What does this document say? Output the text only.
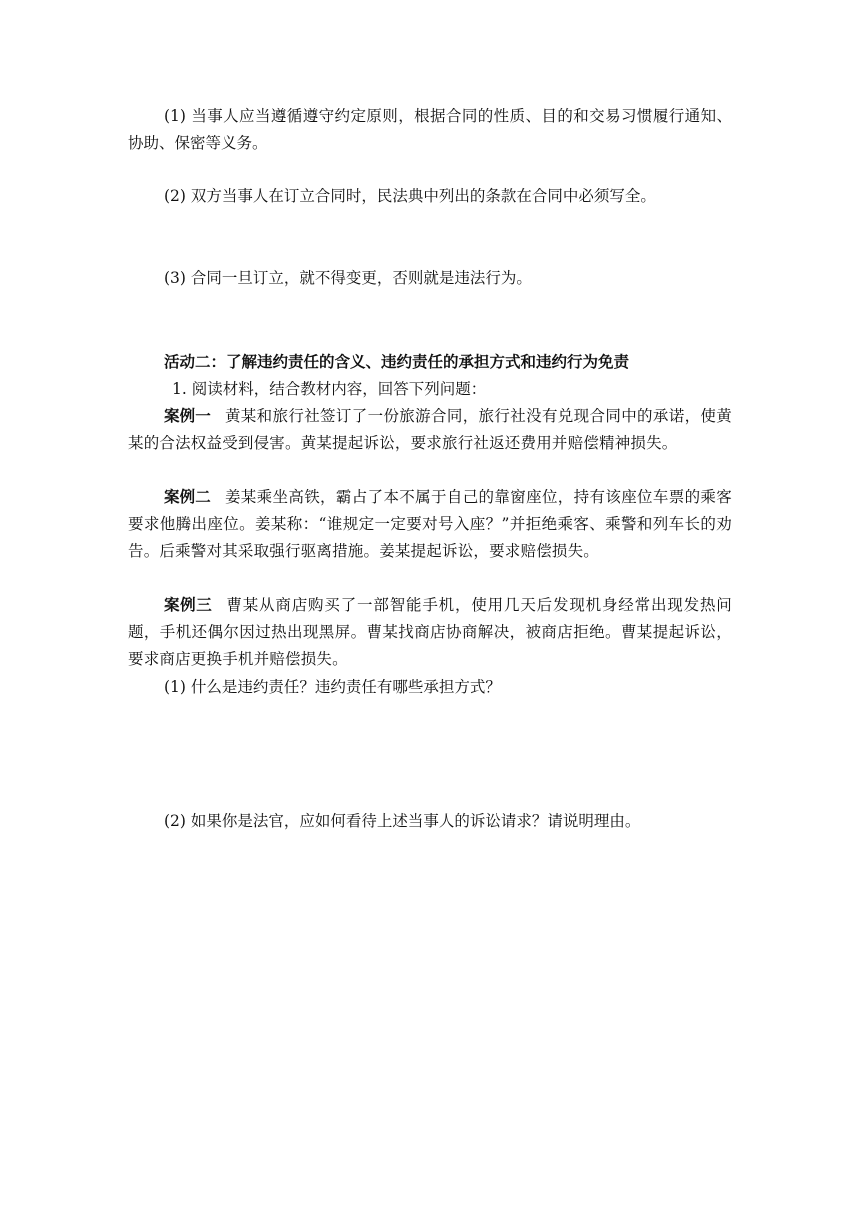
(1) 当事人应当遵循遵守约定原则，根据合同的性质、目的和交易习惯履行通知、协助、保密等义务。
(2) 双方当事人在订立合同时，民法典中列出的条款在合同中必须写全。
(3) 合同一旦订立，就不得变更，否则就是违法行为。
活动二：了解违约责任的含义、违约责任的承担方式和违约行为免责
1. 阅读材料，结合教材内容，回答下列问题：
案例一 黄某和旅行社签订了一份旅游合同，旅行社没有兑现合同中的承诺，使黄某的合法权益受到侵害。黄某提起诉讼，要求旅行社返还费用并赔偿精神损失。
案例二 姜某乘坐高铁，霸占了本不属于自己的靠窗座位，持有该座位车票的乘客要求他腾出座位。姜某称：“谁规定一定要对号入座？”并拒绝乘客、乘警和列车长的劝告。后乘警对其采取强行驱离措施。姜某提起诉讼，要求赔偿损失。
案例三 曹某从商店购买了一部智能手机，使用几天后发现机身经常出现发热问题，手机还偶尔因过热出现黑屏。曹某找商店协商解决，被商店拒绝。曹某提起诉讼，要求商店更换手机并赔偿损失。
(1) 什么是违约责任？违约责任有哪些承担方式？
(2) 如果你是法官，应如何看待上述当事人的诉讼请求？请说明理由。
